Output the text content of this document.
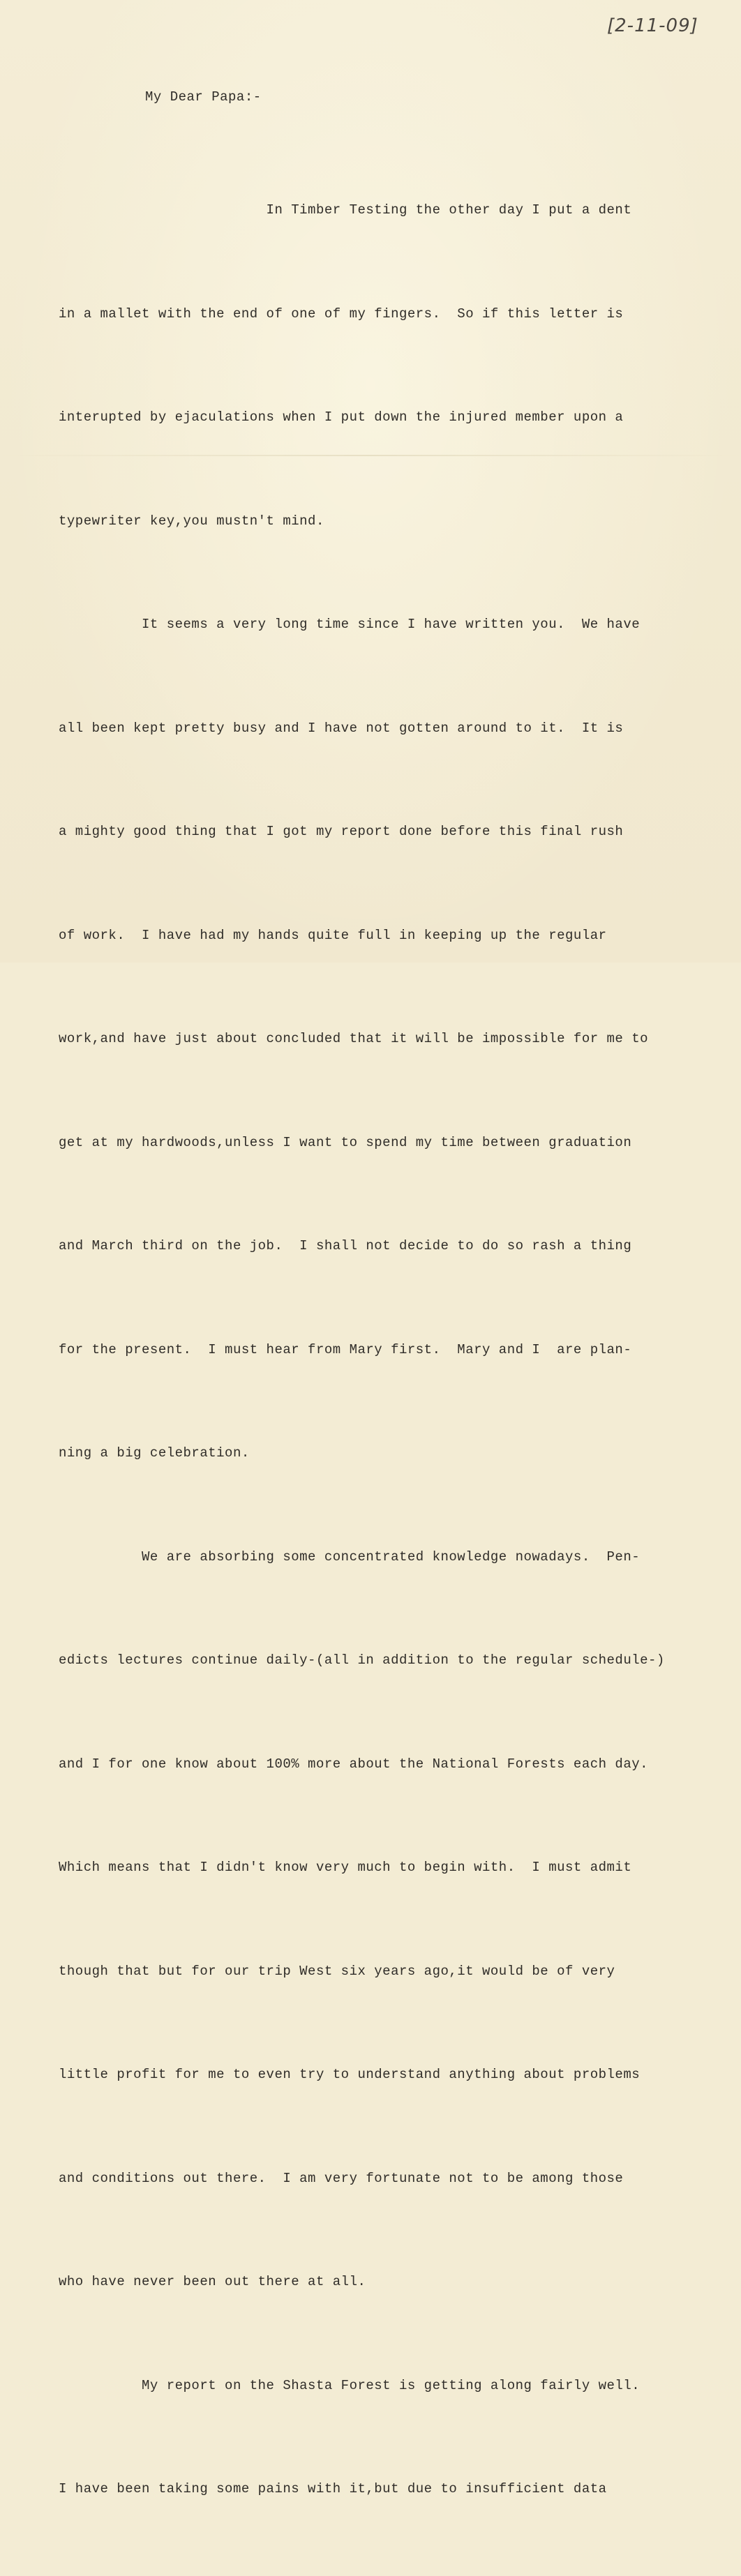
[2-11-09]
My Dear Papa:-

In Timber Testing the other day I put a dent

in a mallet with the end of one of my fingers.  So if this letter is

interupted by ejaculations when I put down the injured member upon a

typewriter key,you mustn't mind.

It seems a very long time since I have written you.  We have

all been kept pretty busy and I have not gotten around to it.  It is

a mighty good thing that I got my report done before this final rush

of work.  I have had my hands quite full in keeping up the regular

work,and have just about concluded that it will be impossible for me to

get at my hardwoods,unless I want to spend my time between graduation

and March third on the job.  I shall not decide to do so rash a thing

for the present.  I must hear from Mary first.  Mary and I  are plan-

ning a big celebration.

We are absorbing some concentrated knowledge nowadays.  Pen-

edicts lectures continue daily-(all in addition to the regular schedule-)

and I for one know about 100% more about the National Forests each day.

Which means that I didn't know very much to begin with.  I must admit

though that but for our trip West six years ago,it would be of very

little profit for me to even try to understand anything about problems

and conditions out there.  I am very fortunate not to be among those

who have never been out there at all.

My report on the Shasta Forest is getting along fairly well.

I have been taking some pains with it,but due to insufficient data
